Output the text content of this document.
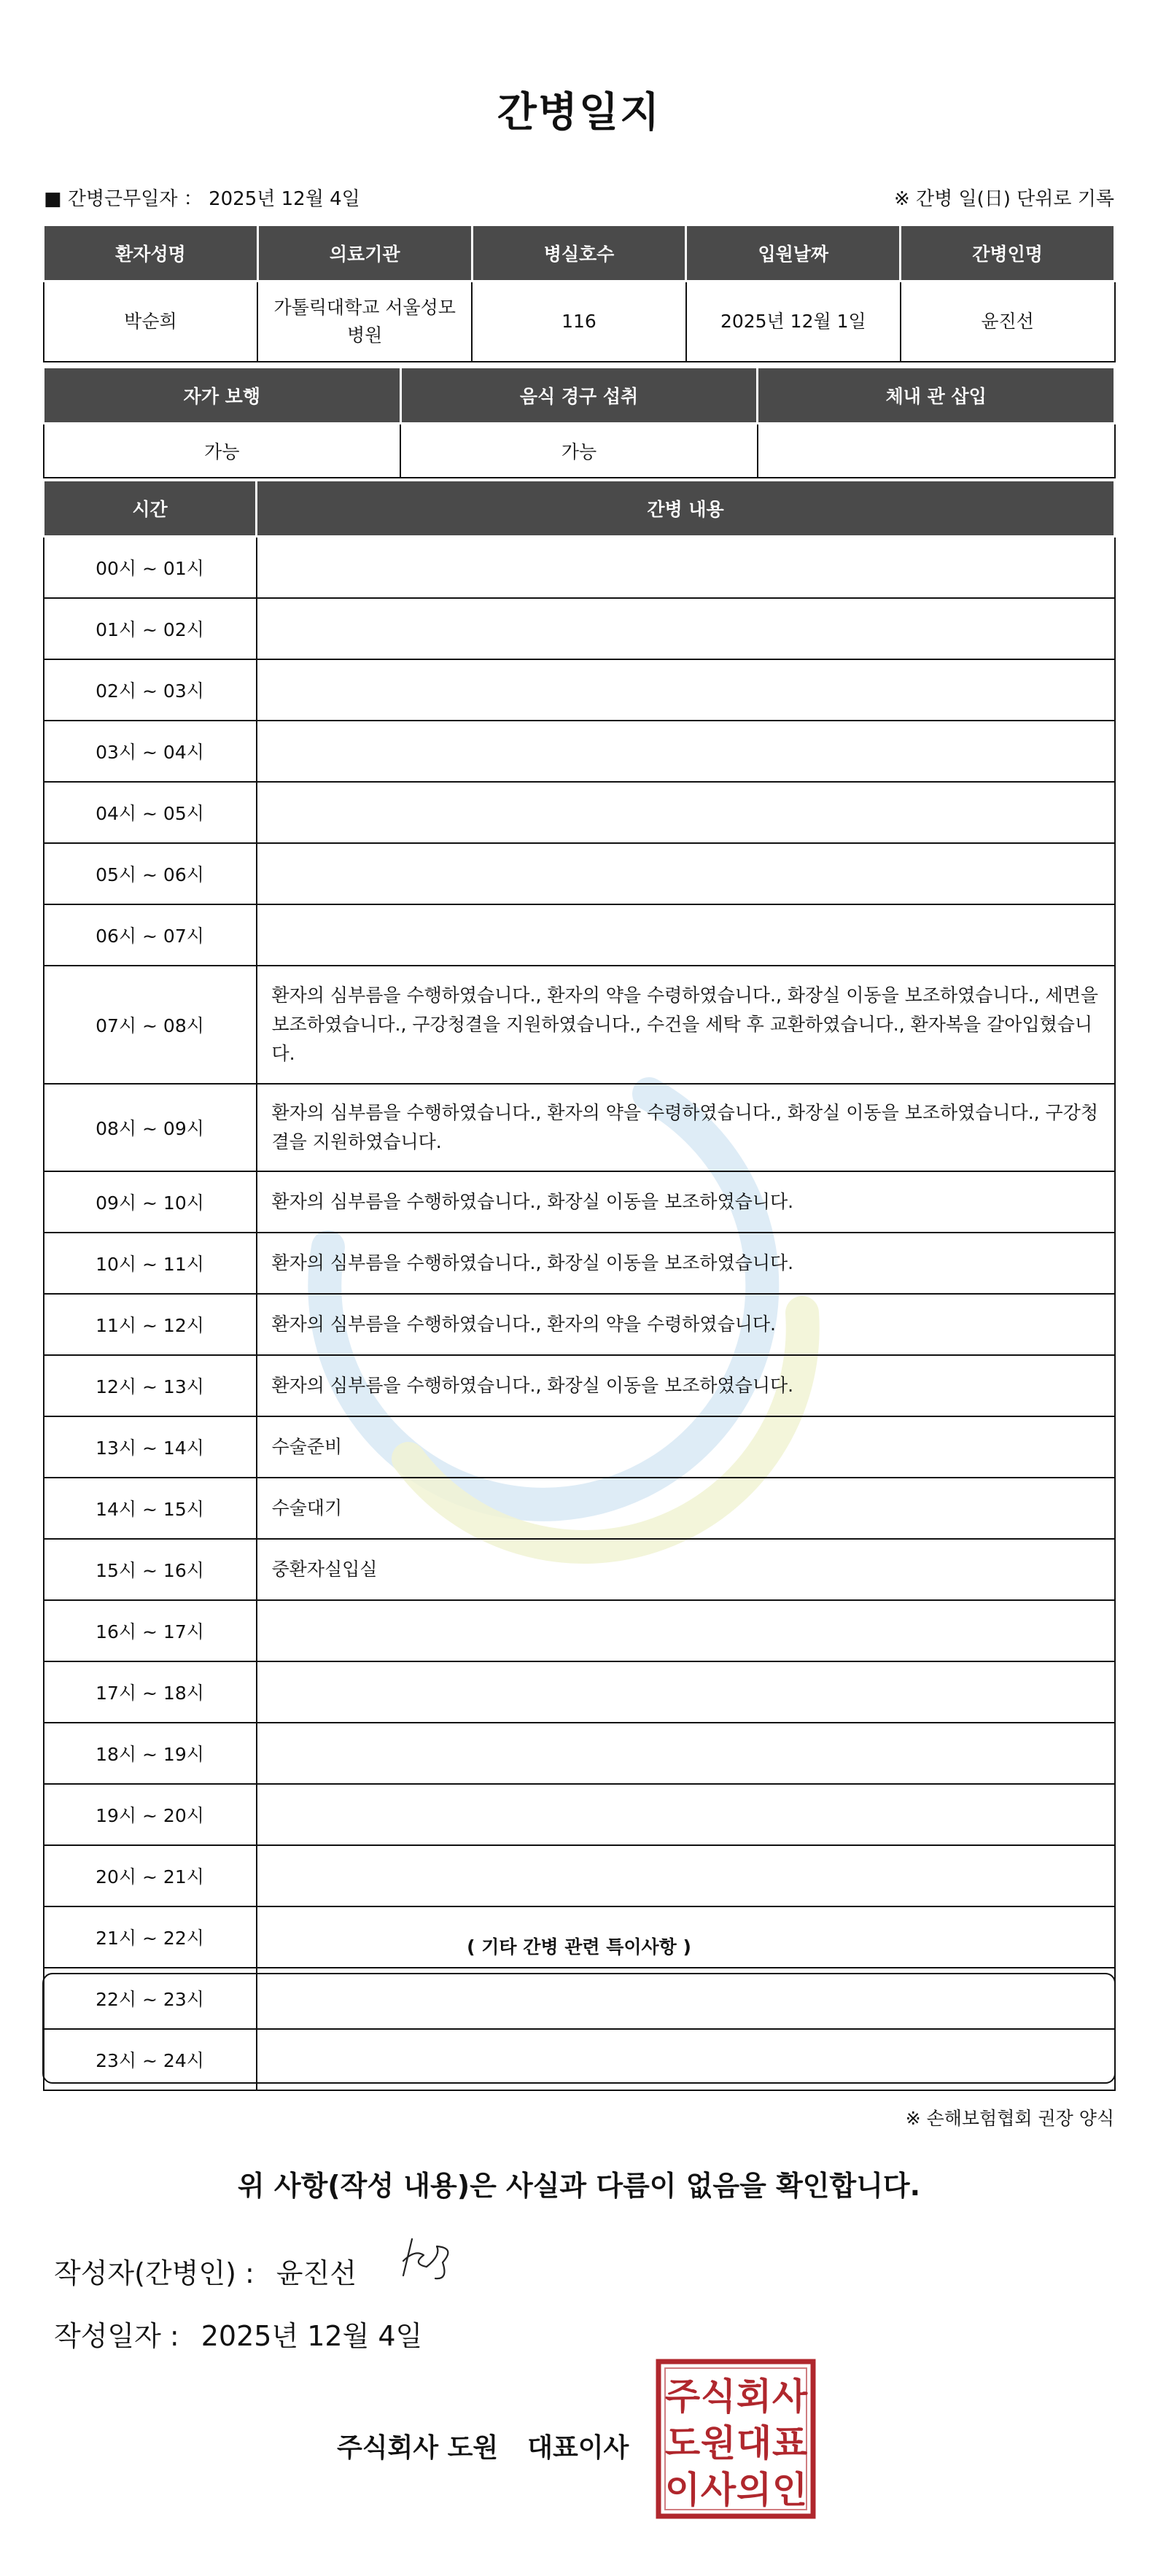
간병일지
■ 간병근무일자 ： 2025년 12월 4일	※ 간병 일(日) 단위로 기록
환자성명	의료기관	병실호수	입원날짜	간병인명
박순희	가톨릭대학교 서울성모병원	116	2025년 12월 1일	윤진선
자가 보행	음식 경구 섭취	체내 관 삽입
가능	가능	
시간	간병 내용
00시 ~ 01시	
01시 ~ 02시	
02시 ~ 03시	
03시 ~ 04시	
04시 ~ 05시	
05시 ~ 06시	
06시 ~ 07시	
07시 ~ 08시	환자의 심부름을 수행하였습니다., 환자의 약을 수령하였습니다., 화장실 이동을 보조하였습니다., 세면을 보조하였습니다., 구강청결을 지원하였습니다., 수건을 세탁 후 교환하였습니다., 환자복을 갈아입혔습니다.
08시 ~ 09시	환자의 심부름을 수행하였습니다., 환자의 약을 수령하였습니다., 화장실 이동을 보조하였습니다., 구강청결을 지원하였습니다.
09시 ~ 10시	환자의 심부름을 수행하였습니다., 화장실 이동을 보조하였습니다.
10시 ~ 11시	환자의 심부름을 수행하였습니다., 화장실 이동을 보조하였습니다.
11시 ~ 12시	환자의 심부름을 수행하였습니다., 환자의 약을 수령하였습니다.
12시 ~ 13시	환자의 심부름을 수행하였습니다., 화장실 이동을 보조하였습니다.
13시 ~ 14시	수술준비
14시 ~ 15시	수술대기
15시 ~ 16시	중환자실입실
16시 ~ 17시	
17시 ~ 18시	
18시 ~ 19시	
19시 ~ 20시	
20시 ~ 21시	
21시 ~ 22시	
22시 ~ 23시	
23시 ~ 24시	
( 기타 간병 관련 특이사항 )
※ 손해보험협회 권장 양식
위 사항(작성 내용)은 사실과 다름이 없음을 확인합니다.
작성자(간병인) : 윤진선
작성일자 : 2025년 12월 4일
주식회사 도원 대표이사
주 식 회 사
도 원 대 표
이 사 의 인
